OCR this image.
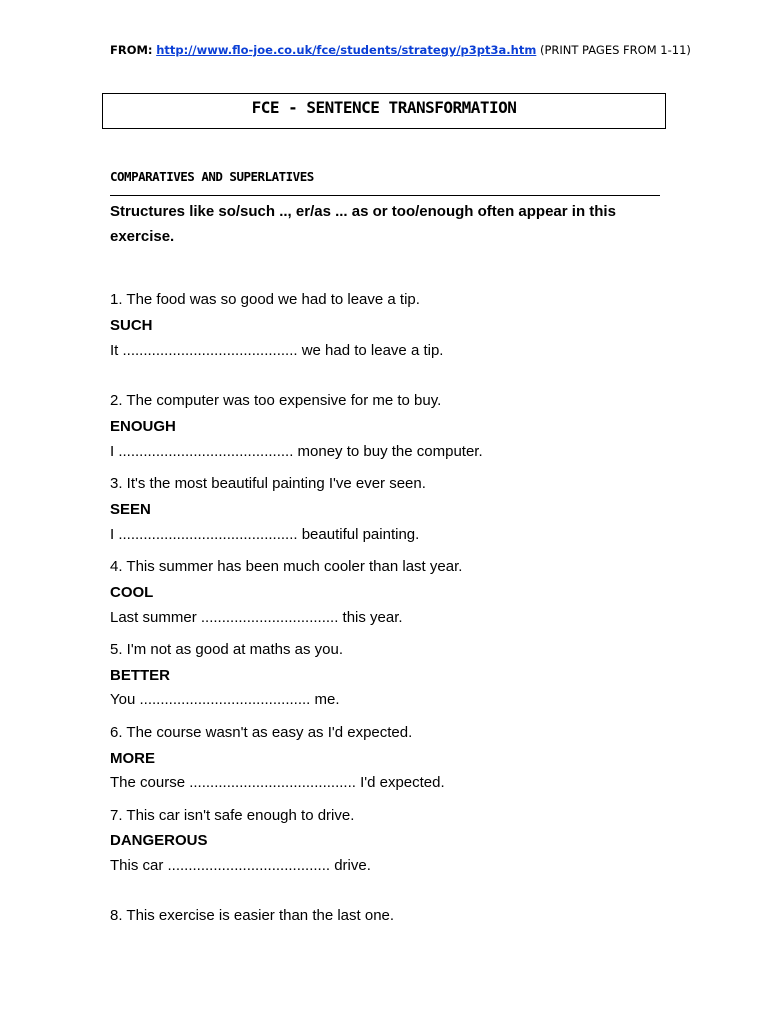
FROM: http://www.flo-joe.co.uk/fce/students/strategy/p3pt3a.htm (PRINT PAGES FROM 1-11)
FCE - SENTENCE TRANSFORMATION
COMPARATIVES AND SUPERLATIVES
Structures like so/such .., er/as ... as or too/enough often appear in this exercise.
1. The food was so good we had to leave a tip.
SUCH
It .......................................... we had to leave a tip.
2. The computer was too expensive for me to buy.
ENOUGH
I .......................................... money to buy the computer.
3. It's the most beautiful painting I've ever seen.
SEEN
I ........................................... beautiful painting.
4. This summer has been much cooler than last year.
COOL
Last summer ................................. this year.
5. I'm not as good at maths as you.
BETTER
You ......................................... me.
6. The course wasn't as easy as I'd expected.
MORE
The course ........................................ I'd expected.
7. This car isn't safe enough to drive.
DANGEROUS
This car ....................................... drive.
8. This exercise is easier than the last one.
